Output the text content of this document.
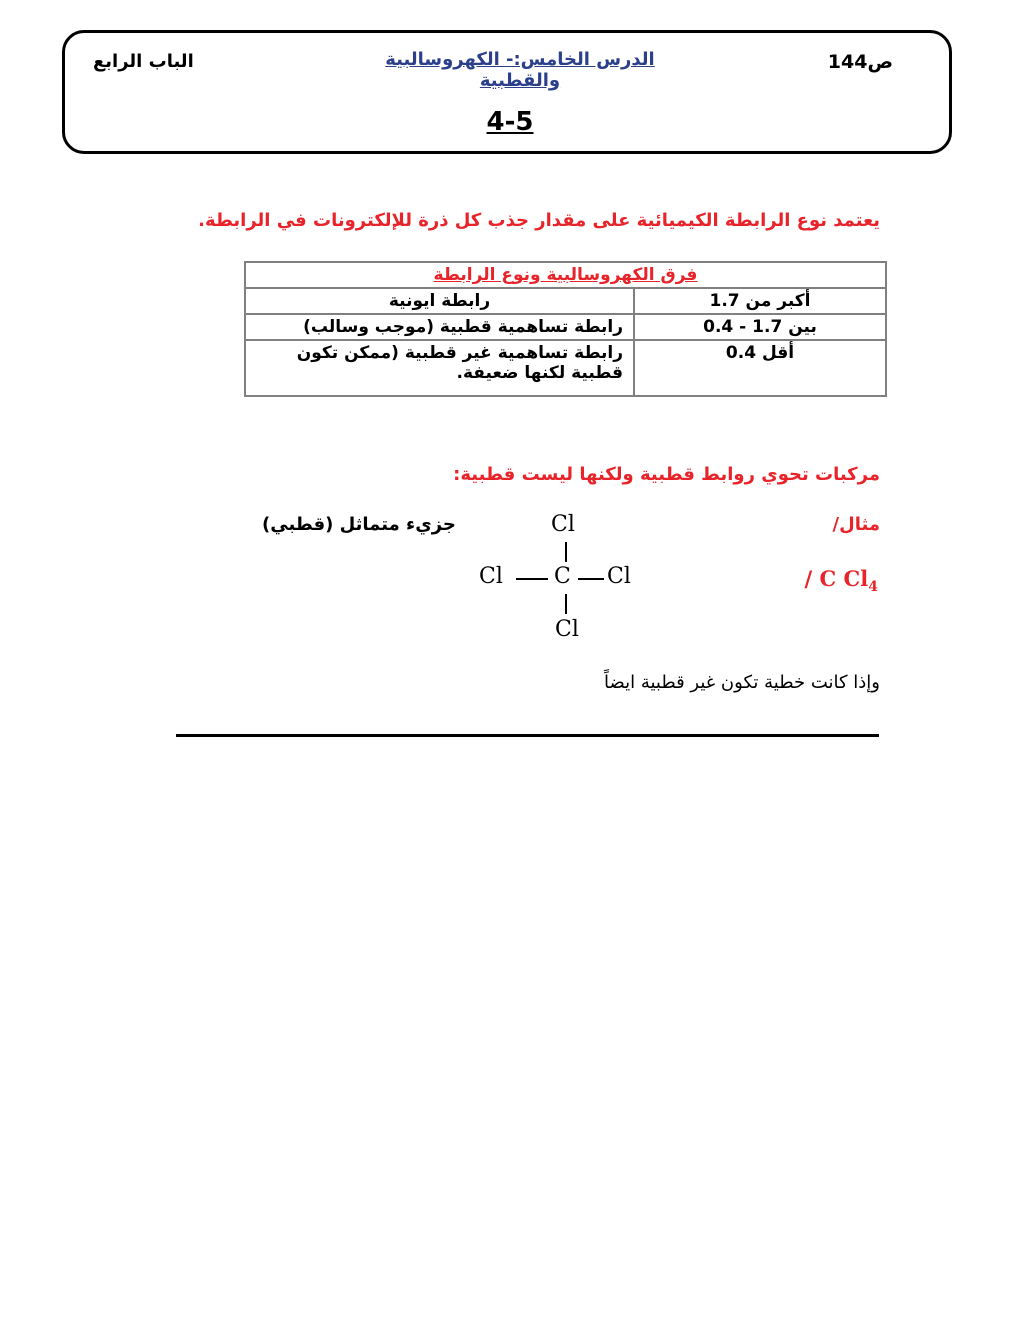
ص144
الدرس الخامس:- الكهروسالبية والقطبية
الباب الرابع
4-5
يعتمد نوع الرابطة الكيميائية على مقدار جذب كل ذرة للإلكترونات في الرابطة.
فرق الكهروسالبية ونوع الرابطة	
أكبر من 1.7	رابطة ايونية
بين 1.7 - 0.4	رابطة تساهمية قطبية (موجب وسالب)
أقل 0.4	رابطة تساهمية غير قطبية (ممكن تكون قطبية لكنها ضعيفة.
مركبات تحوي روابط قطبية ولكنها ليست قطبية:
مثال/
جزيء متماثل (قطبي)
/ C $Cl_4$
Cl
Cl C Cl
Cl
وإذا كانت خطية تكون غير قطبية ايضاً
